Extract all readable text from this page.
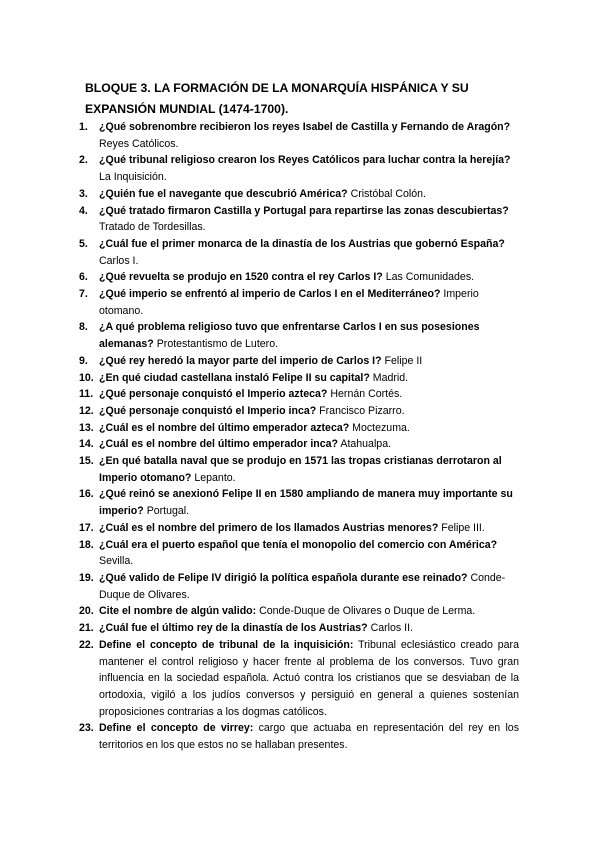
BLOQUE 3. LA FORMACIÓN DE LA MONARQUÍA HISPÁNICA Y SU EXPANSIÓN MUNDIAL (1474-1700).
1.	¿Qué sobrenombre recibieron los reyes Isabel de Castilla y Fernando de Aragón? Reyes Católicos.
2.	¿Qué tribunal religioso crearon los Reyes Católicos para luchar contra la herejía? La Inquisición.
3.	¿Quién fue el navegante que descubrió América? Cristóbal Colón.
4.	¿Qué tratado firmaron Castilla y Portugal para repartirse las zonas descubiertas? Tratado de Tordesillas.
5.	¿Cuál fue el primer monarca de la dinastía de los Austrias que gobernó España? Carlos I.
6.	¿Qué revuelta se produjo en 1520 contra el rey Carlos I? Las Comunidades.
7.	¿Qué imperio se enfrentó al imperio de Carlos I en el Mediterráneo? Imperio otomano.
8.	¿A qué problema religioso tuvo que enfrentarse Carlos I en sus posesiones alemanas? Protestantismo de Lutero.
9.	¿Qué rey heredó la mayor parte del imperio de Carlos I? Felipe II
10. ¿En qué ciudad castellana instaló Felipe II su capital? Madrid.
11. ¿Qué personaje conquistó el Imperio azteca? Hernán Cortés.
12. ¿Qué personaje conquistó el Imperio inca? Francisco Pizarro.
13. ¿Cuál es el nombre del último emperador azteca? Moctezuma.
14. ¿Cuál es el nombre del último emperador inca? Atahualpa.
15. ¿En qué batalla naval que se produjo en 1571 las tropas cristianas derrotaron al Imperio otomano? Lepanto.
16. ¿Qué reinó se anexionó Felipe II en 1580 ampliando de manera muy importante su imperio? Portugal.
17. ¿Cuál es el nombre del primero de los llamados Austrias menores? Felipe III.
18. ¿Cuál era el puerto español que tenía el monopolio del comercio con América? Sevilla.
19. ¿Qué valido de Felipe IV dirigió la política española durante ese reinado? Conde-Duque de Olivares.
20. Cite el nombre de algún valido: Conde-Duque de Olivares o Duque de Lerma.
21. ¿Cuál fue el último rey de la dinastía de los Austrias? Carlos II.
22. Define el concepto de tribunal de la inquisición: Tribunal eclesiástico creado para mantener el control religioso y hacer frente al problema de los conversos. Tuvo gran influencia en la sociedad española. Actuó contra los cristianos que se desviaban de la ortodoxia, vigiló a los judíos conversos y persiguió en general a quienes sostenían proposiciones contrarias a los dogmas católicos.
23. Define el concepto de virrey: cargo que actuaba en representación del rey en los territorios en los que estos no se hallaban presentes.
